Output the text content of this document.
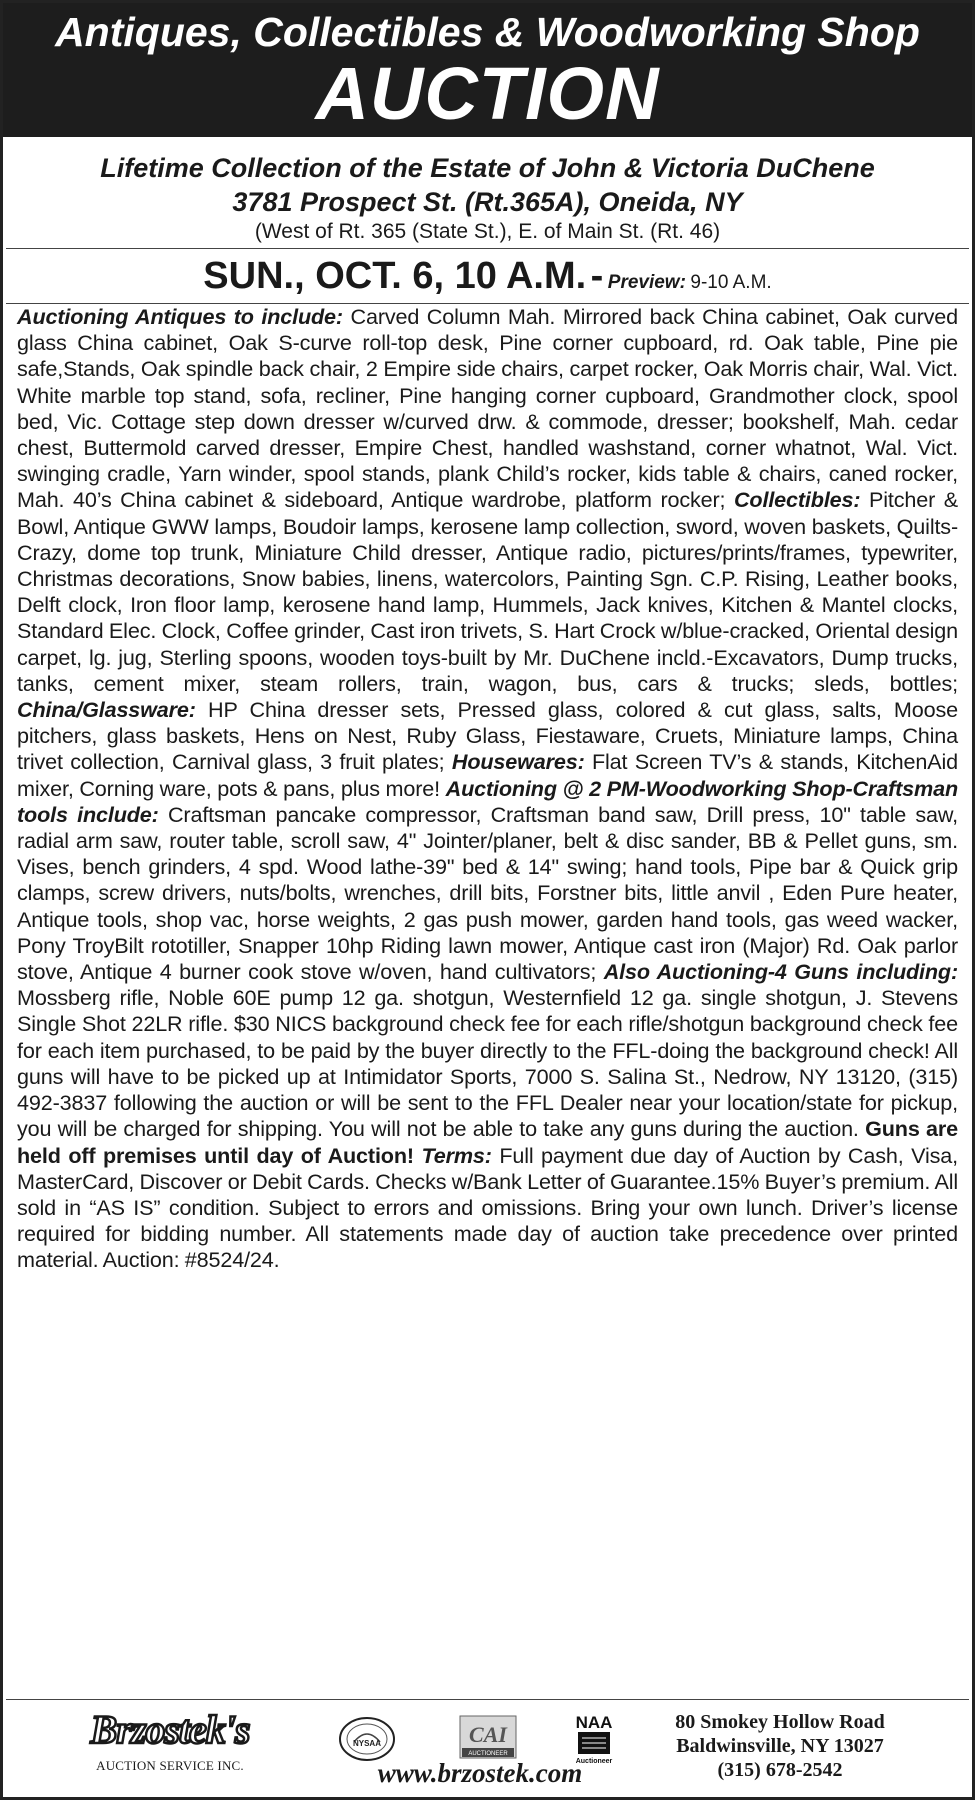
Antiques, Collectibles & Woodworking Shop
AUCTION
Lifetime Collection of the Estate of John & Victoria DuChene
3781 Prospect St. (Rt.365A), Oneida, NY
(West of Rt. 365 (State St.), E. of Main St. (Rt. 46)
SUN., OCT. 6, 10 A.M. - Preview: 9-10 A.M.
Auctioning Antiques to include: Carved Column Mah. Mirrored back China cabinet, Oak curved glass China cabinet, Oak S-curve roll-top desk, Pine corner cupboard, rd. Oak table, Pine pie safe,Stands, Oak spindle back chair, 2 Empire side chairs, carpet rocker, Oak Morris chair, Wal. Vict. White marble top stand, sofa, recliner, Pine hanging corner cupboard, Grandmother clock, spool bed, Vic. Cottage step down dresser w/curved drw. & commode, dresser; bookshelf, Mah. cedar chest, Buttermold carved dresser, Empire Chest, handled washstand, corner whatnot, Wal. Vict. swinging cradle, Yarn winder, spool stands, plank Child’s rocker, kids table & chairs, caned rocker, Mah. 40’s China cabinet & sideboard, Antique wardrobe, platform rocker; Collectibles: Pitcher & Bowl, Antique GWW lamps, Boudoir lamps, kerosene lamp collection, sword, woven baskets, Quilts-Crazy, dome top trunk, Miniature Child dresser, Antique radio, pictures/prints/frames, typewriter, Christmas decorations, Snow babies, linens, watercolors, Painting Sgn. C.P. Rising, Leather books, Delft clock, Iron floor lamp, kerosene hand lamp, Hummels, Jack knives, Kitchen & Mantel clocks, Standard Elec. Clock, Coffee grinder, Cast iron trivets, S. Hart Crock w/blue-cracked, Oriental design carpet, lg. jug, Sterling spoons, wooden toys-built by Mr. DuChene incld.-Excavators, Dump trucks, tanks, cement mixer, steam rollers, train, wagon, bus, cars & trucks; sleds, bottles; China/Glassware: HP China dresser sets, Pressed glass, colored & cut glass, salts, Moose pitchers, glass baskets, Hens on Nest, Ruby Glass, Fiestaware, Cruets, Miniature lamps, China trivet collection, Carnival glass, 3 fruit plates; Housewares: Flat Screen TV’s & stands, KitchenAid mixer, Corning ware, pots & pans, plus more! Auctioning @ 2 PM-Woodworking Shop-Craftsman tools include: Craftsman pancake compressor, Craftsman band saw, Drill press, 10" table saw, radial arm saw, router table, scroll saw, 4" Jointer/planer, belt & disc sander, BB & Pellet guns, sm. Vises, bench grinders, 4 spd. Wood lathe-39" bed & 14" swing; hand tools, Pipe bar & Quick grip clamps, screw drivers, nuts/bolts, wrenches, drill bits, Forstner bits, little anvil , Eden Pure heater, Antique tools, shop vac, horse weights, 2 gas push mower, garden hand tools, gas weed wacker, Pony TroyBilt rototiller, Snapper 10hp Riding lawn mower, Antique cast iron (Major) Rd. Oak parlor stove, Antique 4 burner cook stove w/oven, hand cultivators; Also Auctioning-4 Guns including: Mossberg rifle, Noble 60E pump 12 ga. shotgun, Westernfield 12 ga. single shotgun, J. Stevens Single Shot 22LR rifle. $30 NICS background check fee for each rifle/shotgun background check fee for each item purchased, to be paid by the buyer directly to the FFL-doing the background check! All guns will have to be picked up at Intimidator Sports, 7000 S. Salina St., Nedrow, NY 13120, (315) 492-3837 following the auction or will be sent to the FFL Dealer near your location/state for pickup, you will be charged for shipping. You will not be able to take any guns during the auction. Guns are held off premises until day of Auction! Terms: Full payment due day of Auction by Cash, Visa, MasterCard, Discover or Debit Cards. Checks w/Bank Letter of Guarantee.15% Buyer’s premium. All sold in “AS IS” condition. Subject to errors and omissions. Bring your own lunch. Driver’s license required for bidding number. All statements made day of auction take precedence over printed material. Auction: #8524/24.
Brzostek's
AUCTION SERVICE INC.
NYSAA	CAI
AUCTIONEER
NAA
Auctioneer
www.brzostek.com
80 Smokey Hollow Road
Baldwinsville, NY 13027
(315) 678-2542
